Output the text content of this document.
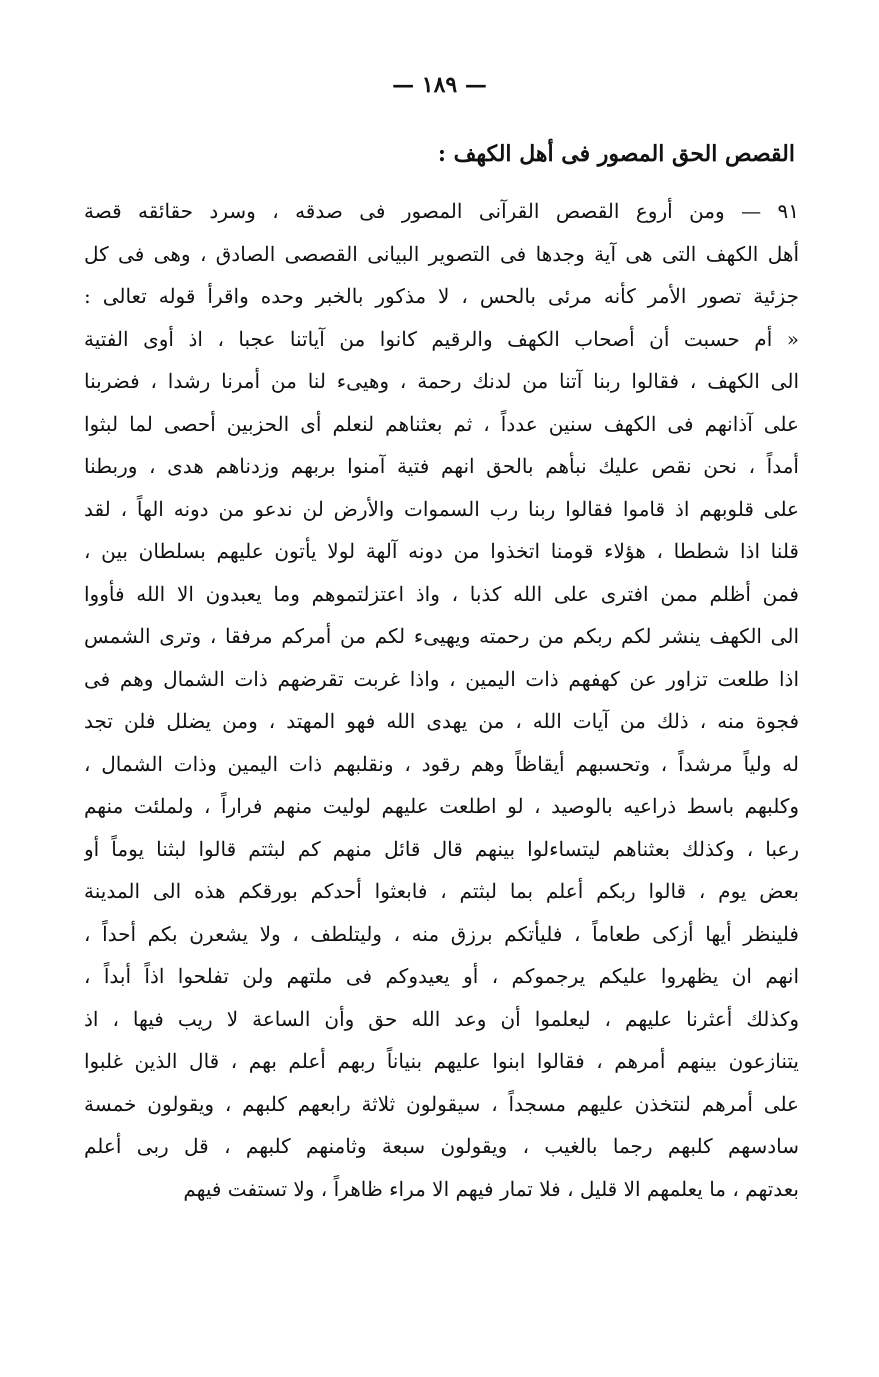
— ١٨٩ —
القصص الحق المصور فى أهل الكهف :
٩١ — ومن أروع القصص القرآنى المصور فى صدقه ، وسرد حقائقه قصة
أهل الكهف التى هى آية وجدها فى التصوير البيانى القصصى الصادق ، وهى فى كل
جزئية تصور الأمر كأنه مرئى بالحس ، لا مذكور بالخبر وحده واقرأ قوله تعالى :
« أم حسبت أن أصحاب الكهف والرقيم كانوا من آياتنا عجبا ، اذ أوى الفتية
الى الكهف ، فقالوا ربنا آتنا من لدنك رحمة ، وهيىء لنا من أمرنا رشدا ، فضربنا
على آذانهم فى الكهف سنين عدداً ، ثم بعثناهم لنعلم أى الحزبين أحصى لما لبثوا
أمداً ، نحن نقص عليك نبأهم بالحق انهم فتية آمنوا بربهم وزدناهم هدى ، وربطنا
على قلوبهم اذ قاموا فقالوا ربنا رب السموات والأرض لن ندعو من دونه الهاً ، لقد
قلنا اذا شططا ، هؤلاء قومنا اتخذوا من دونه آلهة لولا يأتون عليهم بسلطان بين ،
فمن أظلم ممن افترى على الله كذبا ، واذ اعتزلتموهم وما يعبدون الا الله فأووا
الى الكهف ينشر لكم ربكم من رحمته ويهيىء لكم من أمركم مرفقا ، وترى الشمس
اذا طلعت تزاور عن كهفهم ذات اليمين ، واذا غربت تقرضهم ذات الشمال وهم فى
فجوة منه ، ذلك من آيات الله ، من يهدى الله فهو المهتد ، ومن يضلل فلن تجد
له ولياً مرشداً ، وتحسبهم أيقاظاً وهم رقود ، ونقلبهم ذات اليمين وذات الشمال ،
وكلبهم باسط ذراعيه بالوصيد ، لو اطلعت عليهم لوليت منهم فراراً ، ولملئت منهم
رعبا ، وكذلك بعثناهم ليتساءلوا بينهم قال قائل منهم كم لبثتم قالوا لبثنا يوماً أو
بعض يوم ، قالوا ربكم أعلم بما لبثتم ، فابعثوا أحدكم بورقكم هذه الى المدينة
فلينظر أيها أزكى طعاماً ، فليأتكم برزق منه ، وليتلطف ، ولا يشعرن بكم أحداً ،
انهم ان يظهروا عليكم يرجموكم ، أو يعيدوكم فى ملتهم ولن تفلحوا اذاً أبداً ،
وكذلك أعثرنا عليهم ، ليعلموا أن وعد الله حق وأن الساعة لا ريب فيها ، اذ
يتنازعون بينهم أمرهم ، فقالوا ابنوا عليهم بنياناً ربهم أعلم بهم ، قال الذين غلبوا
على أمرهم لنتخذن عليهم مسجداً ، سيقولون ثلاثة رابعهم كلبهم ، ويقولون خمسة
سادسهم كلبهم رجما بالغيب ، ويقولون سبعة وثامنهم كلبهم ، قل ربى أعلم
بعدتهم ، ما يعلمهم الا قليل ، فلا تمار فيهم الا مراء ظاهراً ، ولا تستفت فيهم
